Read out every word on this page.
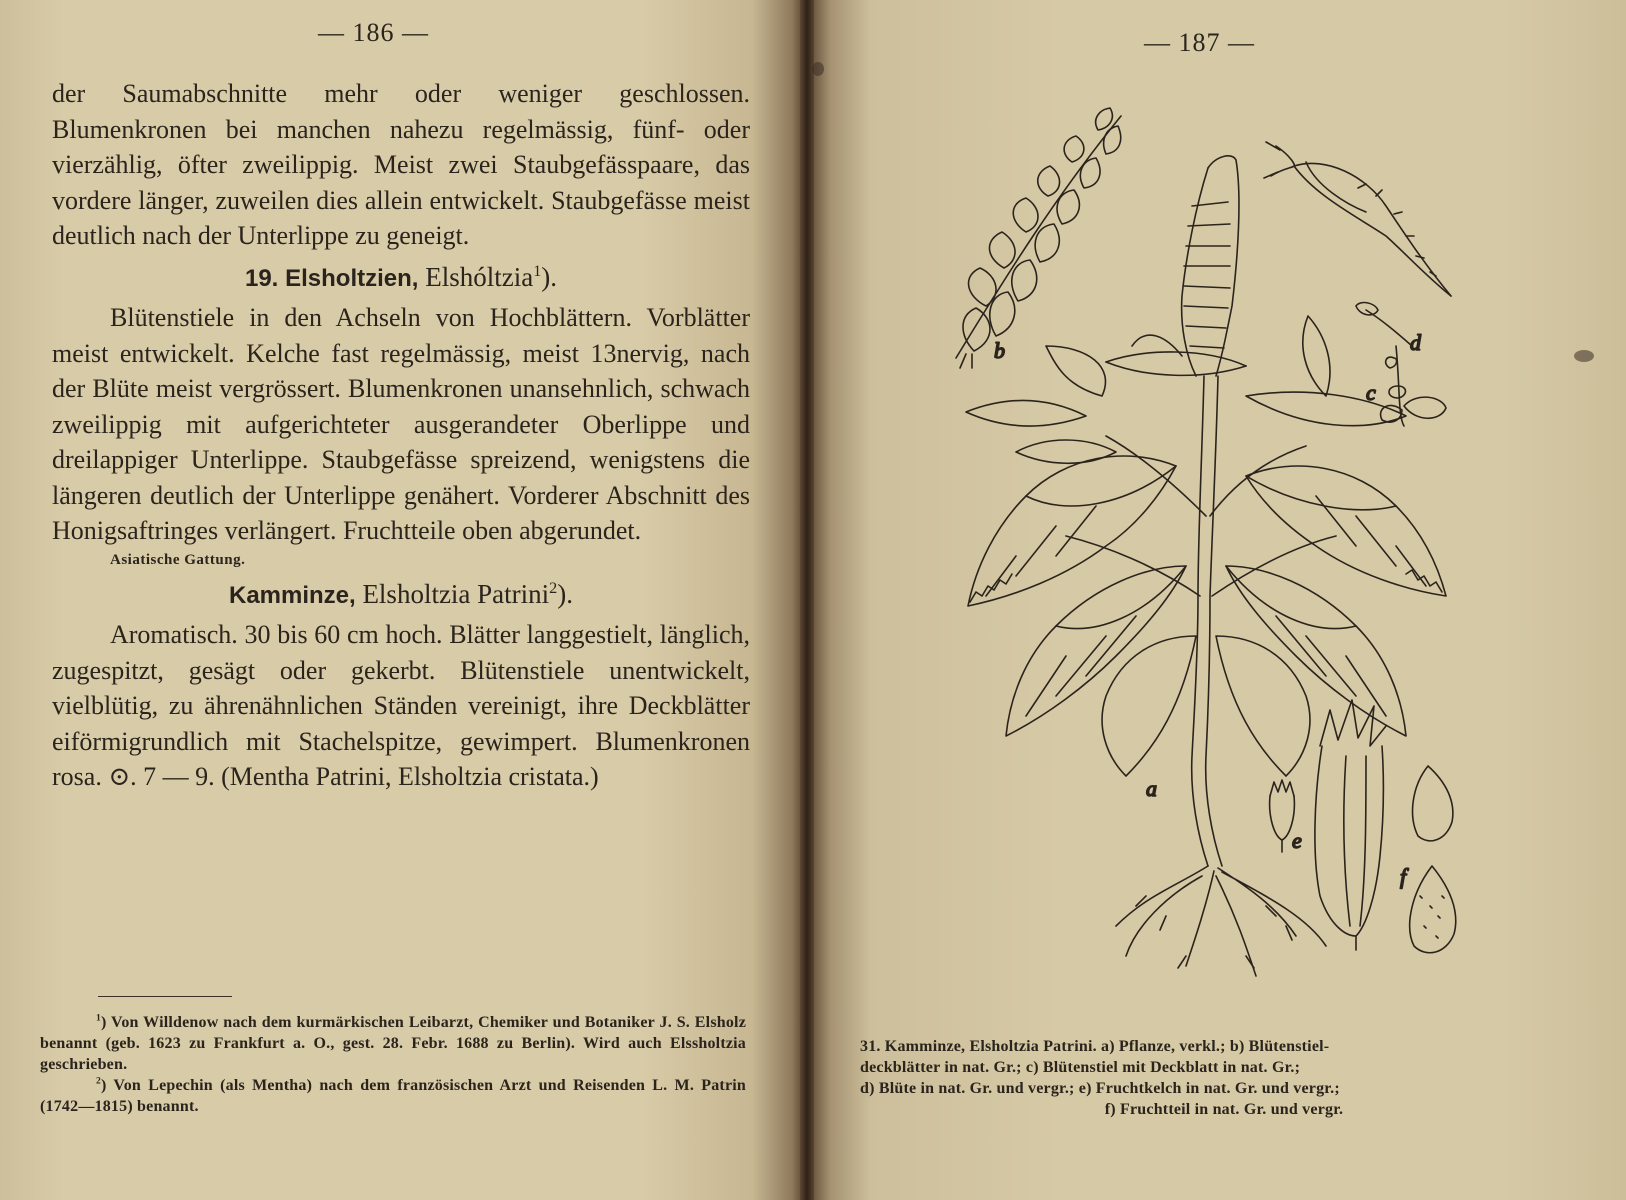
— 186 —

der Saumabschnitte mehr oder weniger geschlossen. Blumenkronen bei manchen nahezu regelmässig, fünf- oder vierzählig, öfter zweilippig. Meist zwei Staubgefässpaare, das vordere länger, zuweilen dies allein entwickelt. Staubgefässe meist deutlich nach der Unterlippe zu geneigt.

19. Elsholtzien, Elshóltzia$^1$).

Blütenstiele in den Achseln von Hochblättern. Vorblätter meist entwickelt. Kelche fast regelmässig, meist 13nervig, nach der Blüte meist vergrössert. Blumenkronen unansehnlich, schwach zweilippig mit aufgerichteter ausgerandeter Oberlippe und dreilappiger Unterlippe. Staubgefässe spreizend, wenigstens die längeren deutlich der Unterlippe genähert. Vorderer Abschnitt des Honigsaftringes verlängert. Fruchtteile oben abgerundet.

Asiatische Gattung.

Kamminze, Elsholtzia Patrini$^2$).

Aromatisch. 30 bis 60 cm hoch. Blätter langgestielt, länglich, zugespitzt, gesägt oder gekerbt. Blütenstiele unentwickelt, vielblütig, zu ährenähnlichen Ständen vereinigt, ihre Deckblätter eiförmigrundlich mit Stachelspitze, gewimpert. Blumenkronen rosa. ⊙. 7 — 9. (Mentha Patrini, Elsholtzia cristata.)

$^1$) Von Willdenow nach dem kurmärkischen Leibarzt, Chemiker und Botaniker J. S. Elsholz benannt (geb. 1623 zu Frankfurt a. O., gest. 28. Febr. 1688 zu Berlin). Wird auch Elssholtzia geschrieben.

$^2$) Von Lepechin (als Mentha) nach dem französischen Arzt und Reisenden L. M. Patrin (1742—1815) benannt.

— 187 —
b	d
c
a
e
f

31. Kamminze, Elsholtzia Patrini. a) Pflanze, verkl.; b) Blütenstiel-

deckblätter in nat. Gr.; c) Blütenstiel mit Deckblatt in nat. Gr.;

d) Blüte in nat. Gr. und vergr.; e) Fruchtkelch in nat. Gr. und vergr.;

f) Fruchtteil in nat. Gr. und vergr.
